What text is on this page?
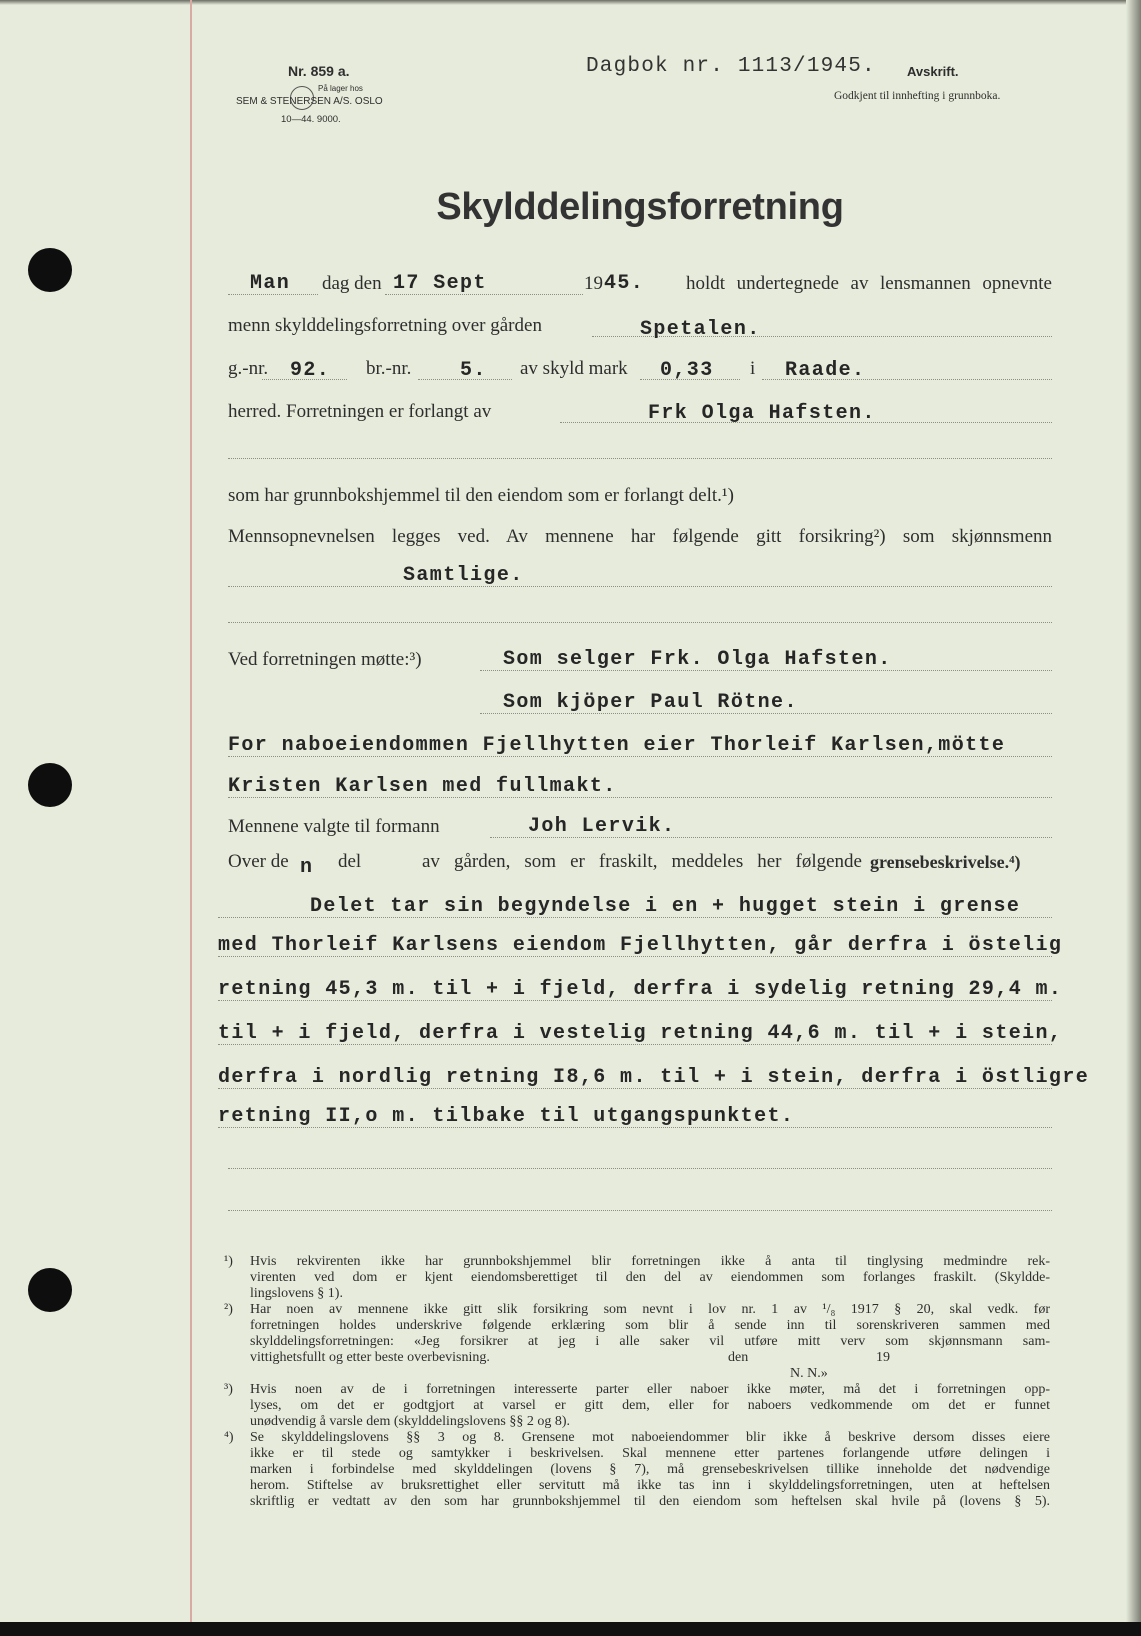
Nr. 859 a.
På lager hos
SEM & STENERSEN A/S. OSLO
10—44. 9000.
Dagbok nr. 1113/1945. Avskrift.
Godkjent til innhefting i grunnboka.
Skylddelingsforretning
Man dag den 17 Sept	19 45. holdt undertegnede av lensmannen opnevnte
menn skylddelingsforretning over gården	Spetalen.
g.-nr. 92. br.-nr. 5. av skyld mark 0,33 i Raade.
herred. Forretningen er forlangt av	Frk Olga Hafsten.
som har grunnbokshjemmel til den eiendom som er forlangt delt.¹)
Mennsopnevnelsen legges ved. Av mennene har følgende gitt forsikring²) som skjønnsmenn
Samtlige.
Ved forretningen møtte:³)	Som selger Frk. Olga Hafsten.
Som kjöper Paul Rötne.
For naboeiendommen Fjellhytten eier Thorleif Karlsen,mötte
Kristen Karlsen med fullmakt.
Mennene valgte til formann	Joh Lervik.
Over de n del	av gården, som er fraskilt, meddeles her følgende grensebeskrivelse.⁴)
Delet tar sin begyndelse i en + hugget stein i grense
med Thorleif Karlsens eiendom Fjellhytten, går derfra i östelig
retning 45,3 m. til + i fjeld, derfra i sydelig retning 29,4 m.
til + i fjeld, derfra i vestelig retning 44,6 m. til + i stein,
derfra i nordlig retning I8,6 m. til + i stein, derfra i östligre
retning II,o m. tilbake til utgangspunktet.
¹) Hvis rekvirenten ikke har grunnbokshjemmel blir forretningen ikke å anta til tinglysing medmindre rek-
virenten ved dom er kjent eiendomsberettiget til den del av eiendommen som forlanges fraskilt. (Skyldde-
lingslovens § 1).
²) Har noen av mennene ikke gitt slik forsikring som nevnt i lov nr. 1 av ¹/₈ 1917 § 20, skal vedk. før
forretningen holdes underskrive følgende erklæring som blir å sende inn til sorenskriveren sammen med
skylddelingsforretningen: «Jeg forsikrer at jeg i alle saker vil utføre mitt verv som skjønnsmann sam-
vittighetsfullt og etter beste overbevisning.	den	19
N. N.»
³) Hvis noen av de i forretningen interesserte parter eller naboer ikke møter, må det i forretningen opp-
lyses, om det er godtgjort at varsel er gitt dem, eller for naboers vedkommende om det er funnet
unødvendig å varsle dem (skylddelingslovens §§ 2 og 8).
⁴) Se skylddelingslovens §§ 3 og 8. Grensene mot naboeiendommer blir ikke å beskrive dersom disses eiere
ikke er til stede og samtykker i beskrivelsen. Skal mennene etter partenes forlangende utføre delingen i
marken i forbindelse med skylddelingen (lovens § 7), må grensebeskrivelsen tillike inneholde det nødvendige
herom. Stiftelse av bruksrettighet eller servitutt må ikke tas inn i skylddelingsforretningen, uten at heftelsen
skriftlig er vedtatt av den som har grunnbokshjemmel til den eiendom som heftelsen skal hvile på (lovens § 5).
